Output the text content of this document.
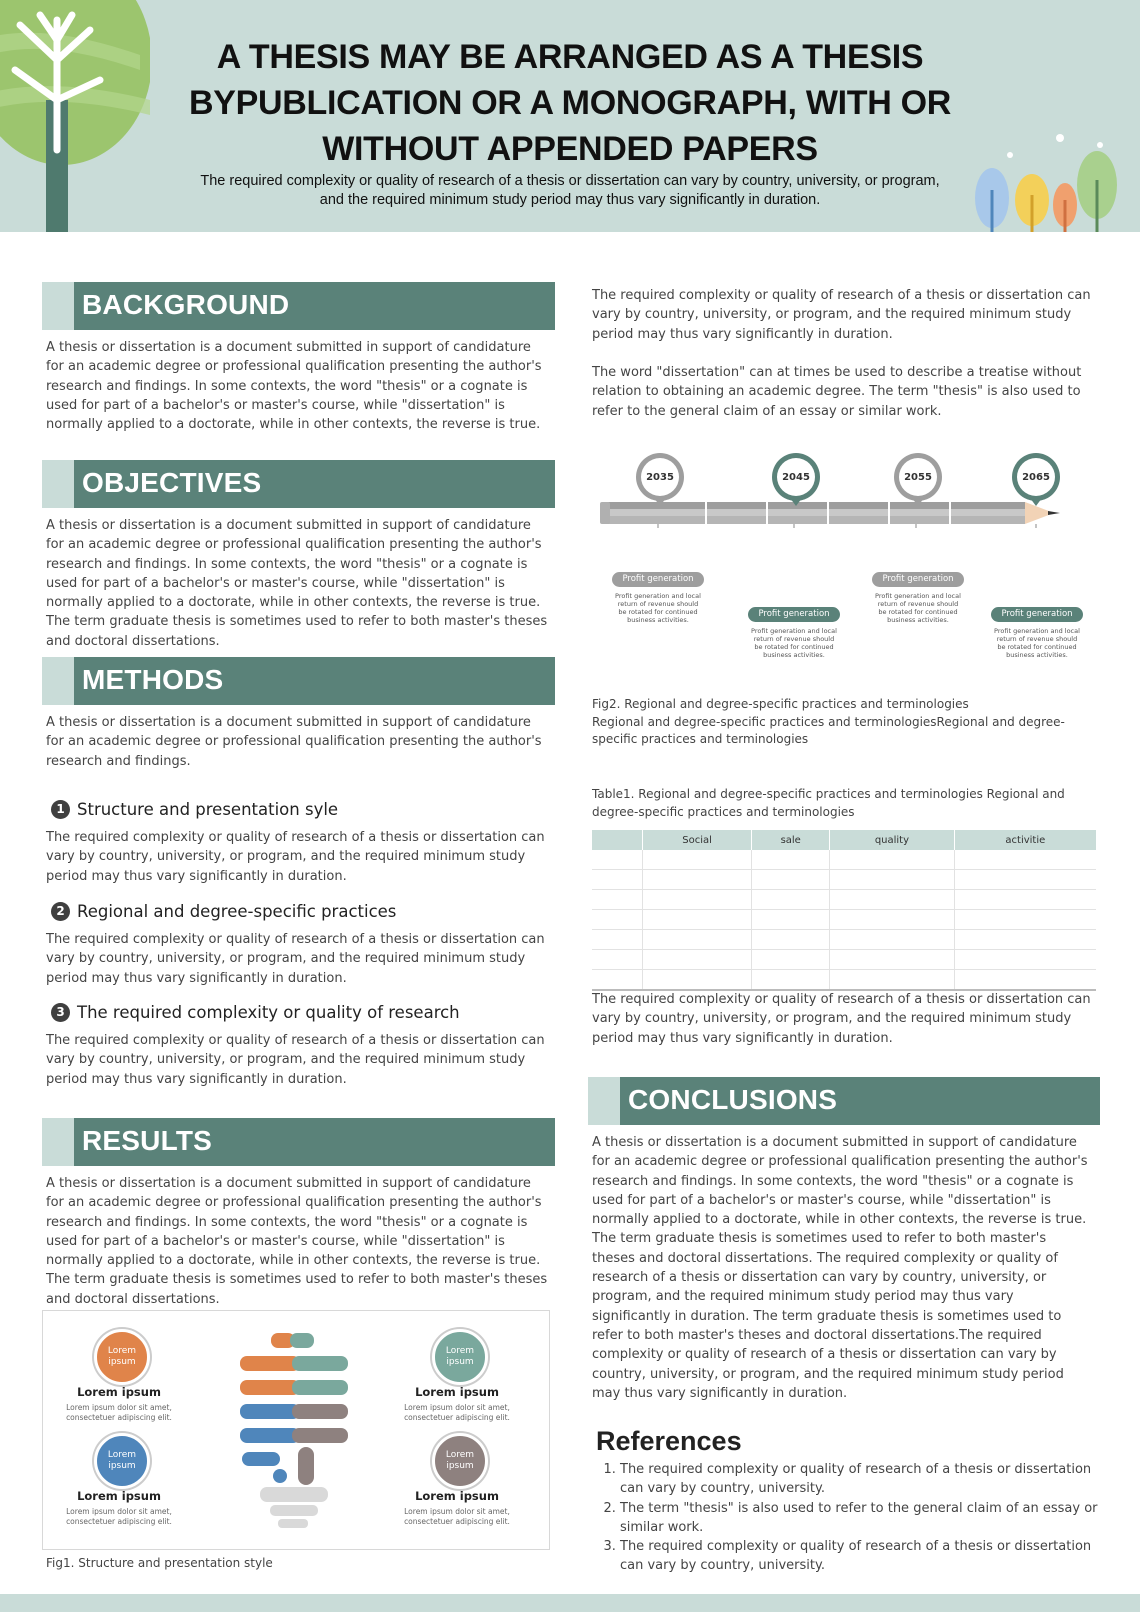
A THESIS MAY BE ARRANGED AS A THESIS BYPUBLICATION OR A MONOGRAPH, WITH OR WITHOUT APPENDED PAPERS
The required complexity or quality of research of a thesis or dissertation can vary by country, university, or program, and the required minimum study period may thus vary significantly in duration.
BACKGROUND

A thesis or dissertation is a document submitted in support of candidature for an academic degree or professional qualification presenting the author's research and findings. In some contexts, the word "thesis" or a cognate is used for part of a bachelor's or master's course, while "dissertation" is normally applied to a doctorate, while in other contexts, the reverse is true.

OBJECTIVES

A thesis or dissertation is a document submitted in support of candidature for an academic degree or professional qualification presenting the author's research and findings. In some contexts, the word "thesis" or a cognate is used for part of a bachelor's or master's course, while "dissertation" is normally applied to a doctorate, while in other contexts, the reverse is true. The term graduate thesis is sometimes used to refer to both master's theses and doctoral dissertations.

METHODS

A thesis or dissertation is a document submitted in support of candidature for an academic degree or professional qualification presenting the author's research and findings.

1 Structure and presentation syle

The required complexity or quality of research of a thesis or dissertation can vary by country, university, or program, and the required minimum study period may thus vary significantly in duration.

2 Regional and degree-specific practices

The required complexity or quality of research of a thesis or dissertation can vary by country, university, or program, and the required minimum study period may thus vary significantly in duration.

3 The required complexity or quality of research

The required complexity or quality of research of a thesis or dissertation can vary by country, university, or program, and the required minimum study period may thus vary significantly in duration.

RESULTS

A thesis or dissertation is a document submitted in support of candidature for an academic degree or professional qualification presenting the author's research and findings. In some contexts, the word "thesis" or a cognate is used for part of a bachelor's or master's course, while "dissertation" is normally applied to a doctorate, while in other contexts, the reverse is true. The term graduate thesis is sometimes used to refer to both master's theses and doctoral dissertations.

Lorem ipsum
Lorem ipsum
Lorem ipsum dolor sit amet, consectetuer adipiscing elit.
Lorem ipsum
Lorem ipsum
Lorem ipsum dolor sit amet, consectetuer adipiscing elit.
Lorem ipsum
Lorem ipsum
Lorem ipsum dolor sit amet, consectetuer adipiscing elit.
Lorem ipsum
Lorem ipsum
Lorem ipsum dolor sit amet, consectetuer adipiscing elit.
Fig1. Structure and presentation style

The required complexity or quality of research of a thesis or dissertation can vary by country, university, or program, and the required minimum study period may thus vary significantly in duration.

The word "dissertation" can at times be used to describe a treatise without relation to obtaining an academic degree. The term "thesis" is also used to refer to the general claim of an essay or similar work.

2035	2045	2055	2065
Profit generation
Profit generation and local return of revenue should be rotated for continued business activities.
Profit generation
Profit generation and local return of revenue should be rotated for continued business activities.
Profit generation
Profit generation and local return of revenue should be rotated for continued business activities.
Profit generation
Profit generation and local return of revenue should be rotated for continued business activities.
Fig2. Regional and degree-specific practices and terminologies
Regional and degree-specific practices and terminologiesRegional and degree-specific practices and terminologies
Table1. Regional and degree-specific practices and terminologies Regional and degree-specific practices and terminologies
	Social	sale	quality	activitie

The required complexity or quality of research of a thesis or dissertation can vary by country, university, or program, and the required minimum study period may thus vary significantly in duration.

CONCLUSIONS

A thesis or dissertation is a document submitted in support of candidature for an academic degree or professional qualification presenting the author's research and findings. In some contexts, the word "thesis" or a cognate is used for part of a bachelor's or master's course, while "dissertation" is normally applied to a doctorate, while in other contexts, the reverse is true. The term graduate thesis is sometimes used to refer to both master's theses and doctoral dissertations. The required complexity or quality of research of a thesis or dissertation can vary by country, university, or program, and the required minimum study period may thus vary significantly in duration. The term graduate thesis is sometimes used to refer to both master's theses and doctoral dissertations.The required complexity or quality of research of a thesis or dissertation can vary by country, university, or program, and the required minimum study period may thus vary significantly in duration.

References
1. The required complexity or quality of research of a thesis or dissertation can vary by country, university.
2. The term "thesis" is also used to refer to the general claim of an essay or similar work.
3. The required complexity or quality of research of a thesis or dissertation can vary by country, university.
